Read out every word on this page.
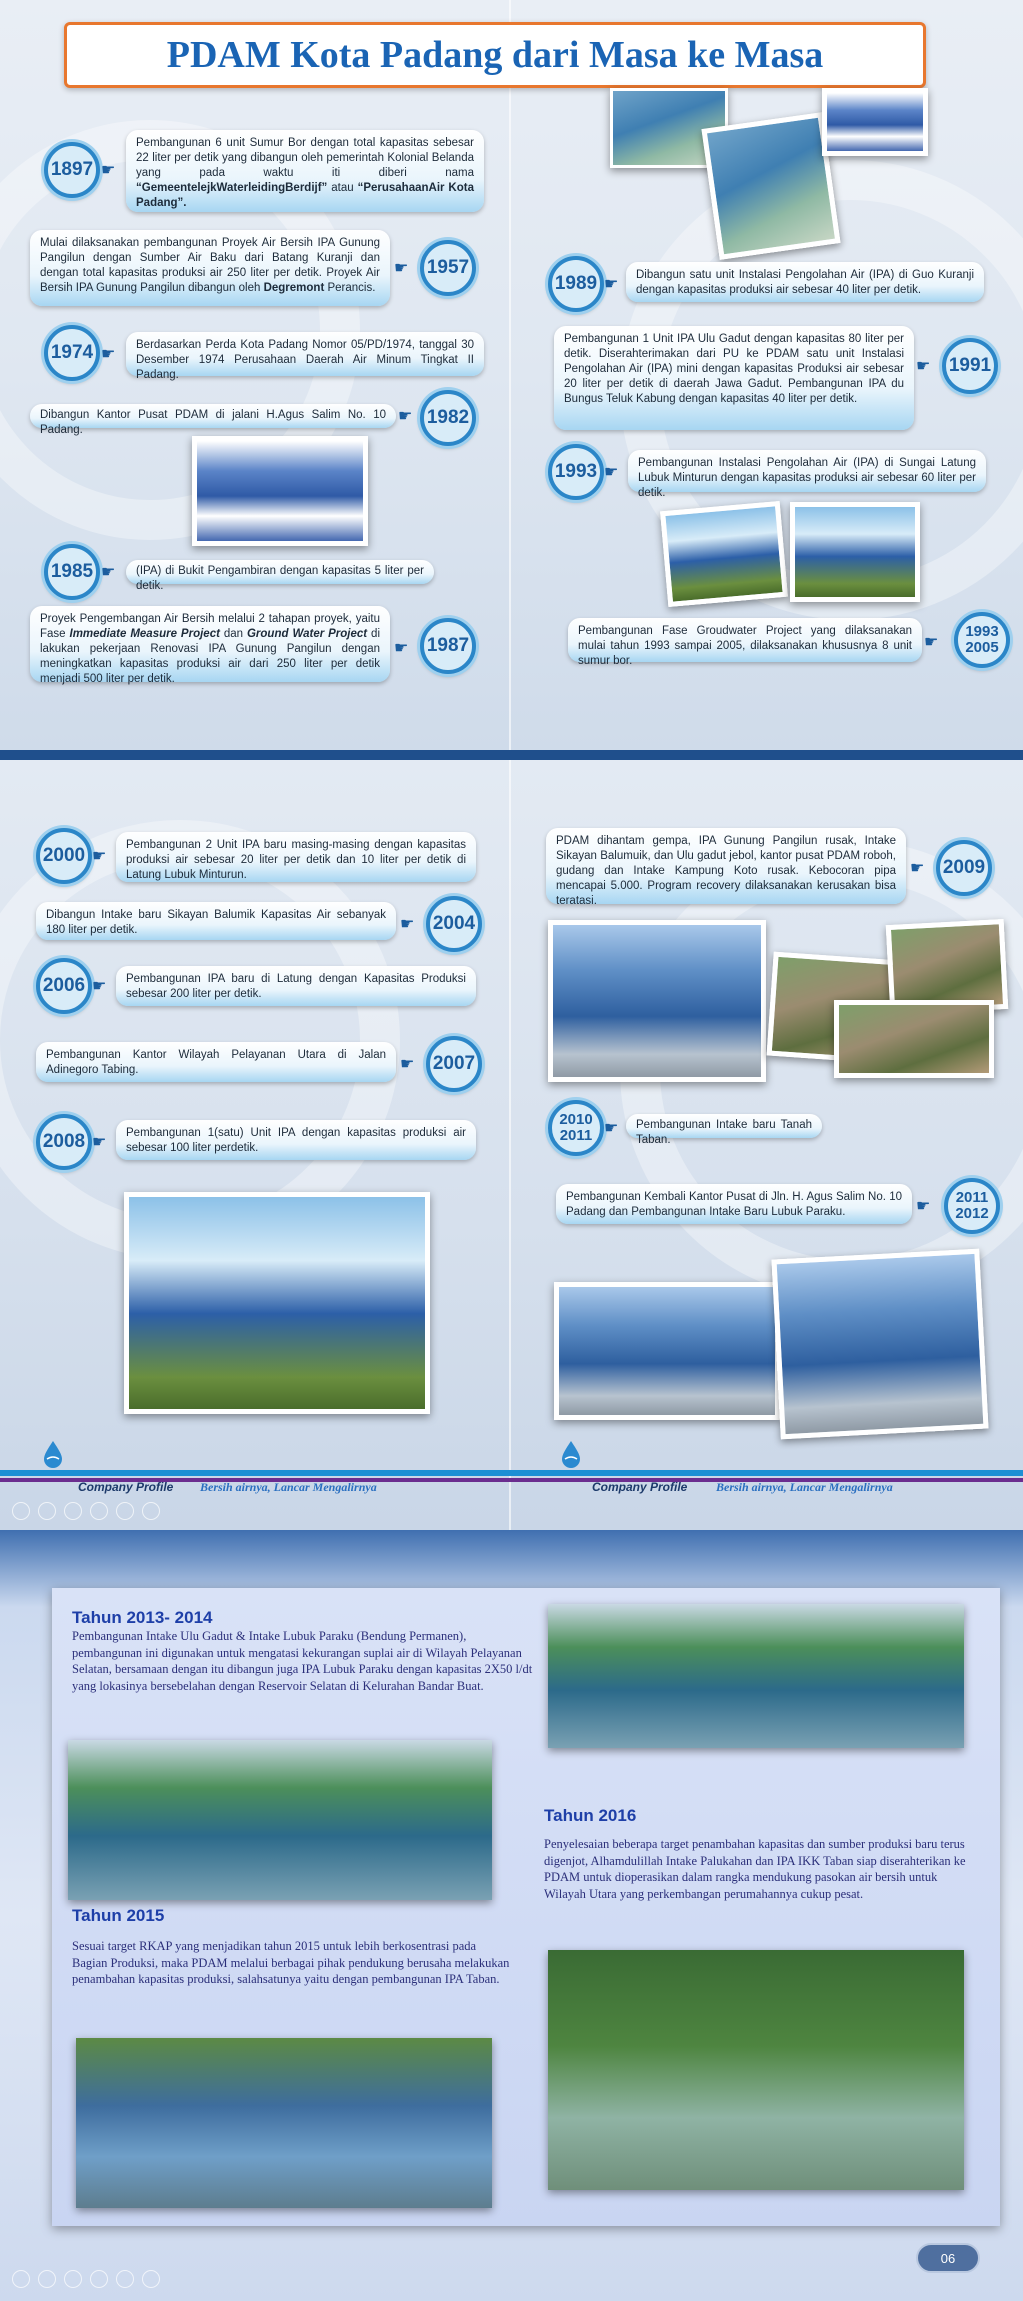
PDAM Kota Padang dari Masa ke Masa
1897 ☛
Pembangunan 6 unit Sumur Bor dengan total kapasitas sebesar 22 liter per detik yang dibangun oleh pemerintah Kolonial Belanda yang pada waktu iti diberi nama “GemeentelejkWaterleidingBerdijf” atau “PerusahaanAir Kota Padang”.
Mulai dilaksanakan pembangunan Proyek Air Bersih IPA Gunung Pangilun dengan Sumber Air Baku dari Batang Kuranji dan dengan total kapasitas produksi air 250 liter per detik. Proyek Air Bersih IPA Gunung Pangilun dibangun oleh Degremont Perancis.
☛ 1957
1974 ☛
Berdasarkan Perda Kota Padang Nomor 05/PD/1974, tanggal 30 Desember 1974 Perusahaan Daerah Air Minum Tingkat II Padang.
Dibangun Kantor Pusat PDAM di jalani H.Agus Salim No. 10 Padang.
☛ 1982
1985 ☛	(IPA) di Bukit Pengambiran dengan kapasitas 5 liter per detik.
Proyek Pengembangan Air Bersih melalui 2 tahapan proyek, yaitu Fase Immediate Measure Project dan Ground Water Project di lakukan pekerjaan Renovasi IPA Gunung Pangilun dengan meningkatkan kapasitas produksi air dari 250 liter per detik menjadi 500 liter per detik.
☛ 1987
1989 ☛
Dibangun satu unit Instalasi Pengolahan Air (IPA) di Guo Kuranji dengan kapasitas produksi air sebesar 40 liter per detik.
Pembangunan 1 Unit IPA Ulu Gadut dengan kapasitas 80 liter per detik. Diserahterimakan dari PU ke PDAM satu unit Instalasi Pengolahan Air (IPA) mini dengan kapasitas Produksi air sebesar 20 liter per detik di daerah Jawa Gadut. Pembangunan IPA du Bungus Teluk Kabung dengan kapasitas 40 liter per detik.
☛ 1991
1993 ☛
Pembangunan Instalasi Pengolahan Air (IPA) di Sungai Latung Lubuk Minturun dengan kapasitas produksi air sebesar 60 liter per detik.
Pembangunan Fase Groudwater Project yang dilaksanakan mulai tahun 1993 sampai 2005, dilaksanakan khususnya 8 unit sumur bor.
☛
1993
2005
2000 ☛
Pembangunan 2 Unit IPA baru masing-masing dengan kapasitas produksi air sebesar 20 liter per detik dan 10 liter per detik di Latung Lubuk Minturun.
Dibangun Intake baru Sikayan Balumik Kapasitas Air sebanyak 180 liter per detik.	☛ 2004
2006 ☛	Pembangunan IPA baru di Latung dengan Kapasitas Produksi sebesar 200 liter per detik.
Pembangunan Kantor Wilayah Pelayanan Utara di Jalan Adinegoro Tabing.	☛ 2007
2008 ☛
Pembangunan 1(satu) Unit IPA dengan kapasitas produksi air sebesar 100 liter perdetik.
PDAM dihantam gempa, IPA Gunung Pangilun rusak, Intake Sikayan Balumuik, dan Ulu gadut jebol, kantor pusat PDAM roboh, gudang dan Intake Kampung Koto rusak. Kebocoran pipa mencapai 5.000. Program recovery dilaksanakan kerusakan bisa teratasi.
☛ 2009
2010
2011 ☛	Pembangunan Intake baru Tanah Taban.
Pembangunan Kembali Kantor Pusat di Jln. H. Agus Salim No. 10 Padang dan Pembangunan Intake Baru Lubuk Paraku.	☛
2011
2012
Company Profile Bersih airnya, Lancar Mengalirnya	Company Profile Bersih airnya, Lancar Mengalirnya
Tahun 2013- 2014

Pembangunan Intake Ulu Gadut & Intake Lubuk Paraku (Bendung Permanen), pembangunan ini digunakan untuk mengatasi kekurangan suplai air di Wilayah Pelayanan Selatan, bersamaan dengan itu dibangun juga IPA Lubuk Paraku dengan kapasitas 2X50 l/dt yang lokasinya bersebelahan dengan Reservoir Selatan di Kelurahan Bandar Buat.

Tahun 2016

Penyelesaian beberapa target penambahan kapasitas dan sumber produksi baru terus digenjot, Alhamdulillah Intake Palukahan dan IPA IKK Taban siap diserahterikan ke PDAM untuk dioperasikan dalam rangka mendukung pasokan air bersih untuk Wilayah Utara yang perkembangan perumahannya cukup pesat.

Tahun 2015

Sesuai target RKAP yang menjadikan tahun 2015 untuk lebih berkosentrasi pada Bagian Produksi, maka PDAM melalui berbagai pihak pendukung berusaha melakukan penambahan kapasitas produksi, salahsatunya yaitu dengan pembangunan IPA Taban.

06
